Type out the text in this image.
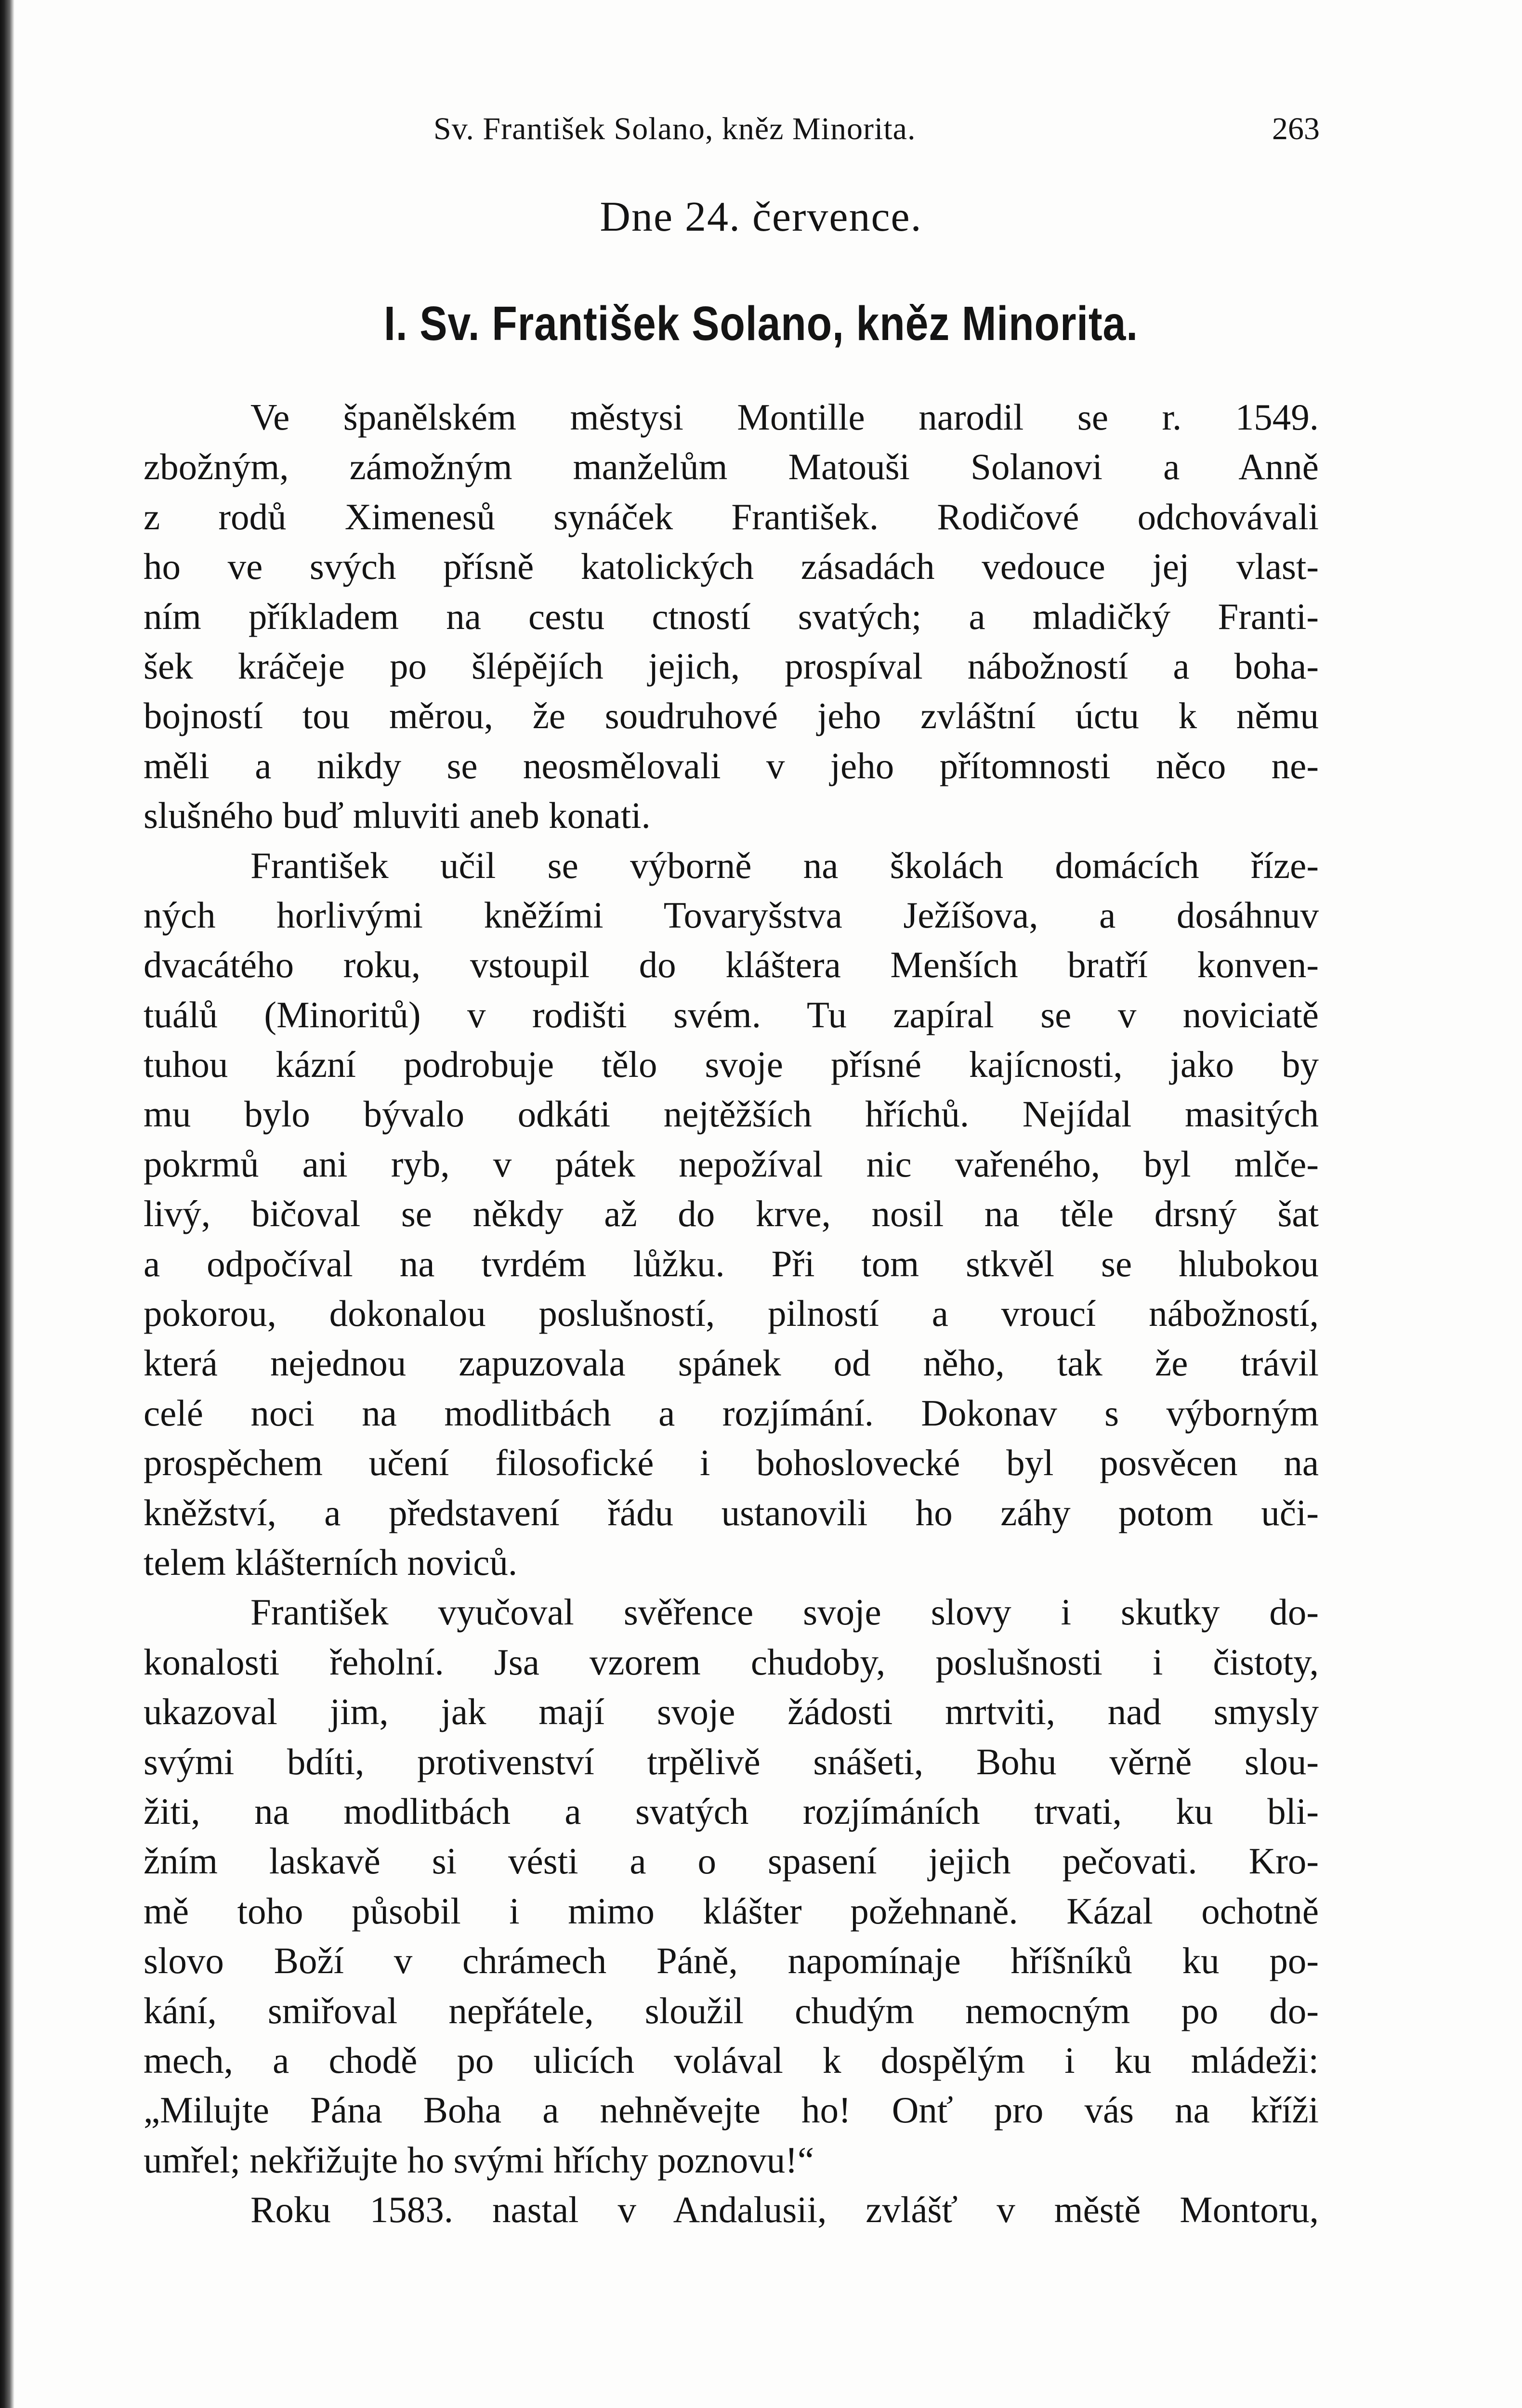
Sv. František Solano, kněz Minorita.	263
Dne 24. července.
I. Sv. František Solano, kněz Minorita.
Ve španělském městysi Montille narodil se r. 1549.
zbožným, zámožným manželům Matouši Solanovi a Anně
z rodů Ximenesů synáček František. Rodičové odchovávali
ho ve svých přísně katolických zásadách vedouce jej vlast-
ním příkladem na cestu ctností svatých; a mladičký Franti-
šek kráčeje po šlépějích jejich, prospíval nábožností a boha-
bojností tou měrou, že soudruhové jeho zvláštní úctu k němu
měli a nikdy se neosmělovali v jeho přítomnosti něco ne-
slušného buď mluviti aneb konati.
František učil se výborně na školách domácích řízе-
ných horlivými kněžími Tovaryšstva Ježíšova, a dosáhnuv
dvacátého roku, vstoupil do kláštera Menších bratří konven-
tuálů (Minoritů) v rodišti svém. Tu zapíral se v noviciatě
tuhou kázní podrobuje tělo svoje přísné kajícnosti, jako by
mu bylo bývalo odkáti nejtěžších hříchů. Nejídal masitých
pokrmů ani ryb, v pátek nepožíval nic vařeného, byl mlče-
livý, bičoval se někdy až do krve, nosil na těle drsný šat
a odpočíval na tvrdém lůžku. Při tom stkvěl se hlubokou
pokorou, dokonalou poslušností, pilností a vroucí nábožností,
která nejednou zapuzovala spánek od něho, tak že trávil
celé noci na modlitbách a rozjímání. Dokonav s výborným
prospěchem učení filosofické i bohoslovecké byl posvěcen na
kněžství, a představení řádu ustanovili ho záhy potom uči-
telem klášterních noviců.
František vyučoval svěřence svoje slovy i skutky do-
konalosti řeholní. Jsa vzorem chudoby, poslušnosti i čistoty,
ukazoval jim, jak mají svoje žádosti mrtviti, nad smysly
svými bdíti, protivenství trpělivě snášeti, Bohu věrně slou-
žiti, na modlitbách a svatých rozjímáních trvati, ku bli-
žním laskavě si vésti a o spasení jejich pečovati. Kro-
mě toho působil i mimo klášter požehnaně. Kázal ochotně
slovo Boží v chrámech Páně, napomínaje hříšníků ku po-
kání, smiřoval nepřátele, sloužil chudým nemocným po do-
mech, a chodě po ulicích volával k dospělým i ku mládeži:
„Milujte Pána Boha a nehněvejte ho! Onť pro vás na kříži
umřel; nekřižujte ho svými hříchy poznovu!“
Roku 1583. nastal v Andalusii, zvlášť v městě Montoru,
